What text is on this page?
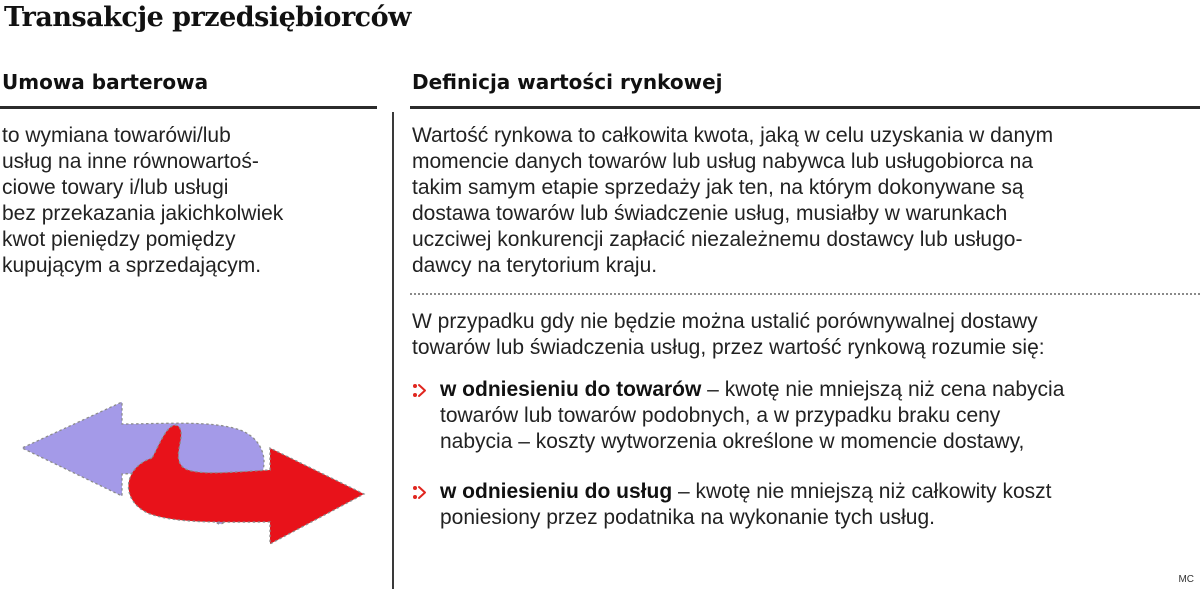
Transakcje przedsiębiorców
Umowa barterowa
to wymiana towarówi/lub
usług na inne równowartoś-
ciowe towary i/lub usługi
bez przekazania jakichkolwiek
kwot pieniędzy pomiędzy
kupującym a sprzedającym.
Definicja wartości rynkowej
Wartość rynkowa to całkowita kwota, jaką w celu uzyskania w danym
momencie danych towarów lub usług nabywca lub usługobiorca na
takim samym etapie sprzedaży jak ten, na którym dokonywane są
dostawa towarów lub świadczenie usług, musiałby w warunkach
uczciwej konkurencji zapłacić niezależnemu dostawcy lub usługo-
dawcy na terytorium kraju.
W przypadku gdy nie będzie można ustalić porównywalnej dostawy
towarów lub świadczenia usług, przez wartość rynkową rozumie się:
w odniesieniu do towarów – kwotę nie mniejszą niż cena nabycia
towarów lub towarów podobnych, a w przypadku braku ceny
nabycia – koszty wytworzenia określone w momencie dostawy,
w odniesieniu do usług – kwotę nie mniejszą niż całkowity koszt
poniesiony przez podatnika na wykonanie tych usług.
MC
